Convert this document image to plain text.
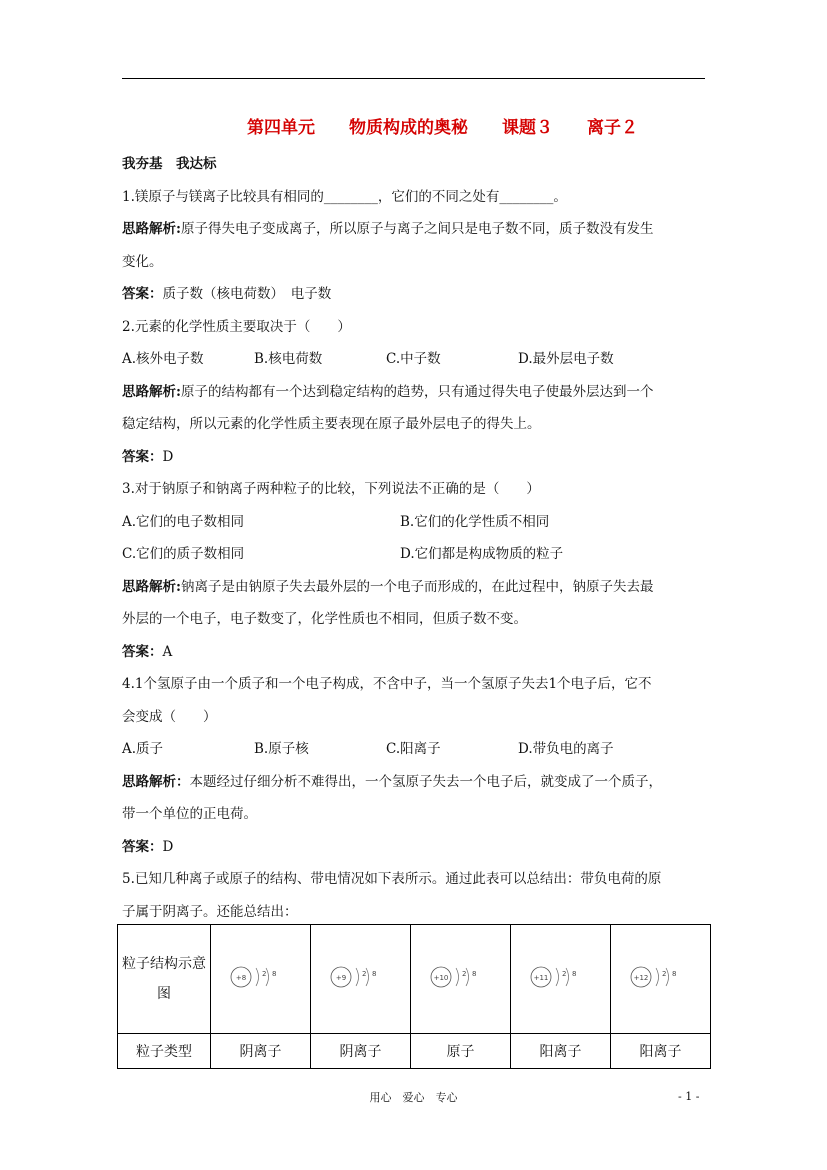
第四单元　　物质构成的奥秘　　课题３　　离子２
我夯基　我达标
1.镁原子与镁离子比较具有相同的________，它们的不同之处有________。
思路解析:原子得失电子变成离子，所以原子与离子之间只是电子数不同，质子数没有发生
变化。
答案：质子数（核电荷数）　电子数
2.元素的化学性质主要取决于（　　）
A.核外电子数	B.核电荷数	C.中子数	D.最外层电子数
思路解析:原子的结构都有一个达到稳定结构的趋势，只有通过得失电子使最外层达到一个
稳定结构，所以元素的化学性质主要表现在原子最外层电子的得失上。
答案：D
3.对于钠原子和钠离子两种粒子的比较，下列说法不正确的是（　　）
A.它们的电子数相同	B.它们的化学性质不相同
C.它们的质子数相同	D.它们都是构成物质的粒子
思路解析:钠离子是由钠原子失去最外层的一个电子而形成的，在此过程中，钠原子失去最
外层的一个电子，电子数变了，化学性质也不相同，但质子数不变。
答案：A
4.1个氢原子由一个质子和一个电子构成，不含中子，当一个氢原子失去1个电子后，它不
会变成（　　）
A.质子	B.原子核	C.阳离子	D.带负电的离子
思路解析：本题经过仔细分析不难得出，一个氢原子失去一个电子后，就变成了一个质子，
带一个单位的正电荷。
答案：D
5.已知几种离子或原子的结构、带电情况如下表所示。通过此表可以总结出：带负电荷的原
子属于阴离子。还能总结出：
粒子结构示意图	+8 2 8	+9 2 8	+10 2 8	+11 2 8	+12 2 8

粒子类型	阴离子	阴离子	原子	阳离子	阳离子
用心　爱心　专心	- 1 -
